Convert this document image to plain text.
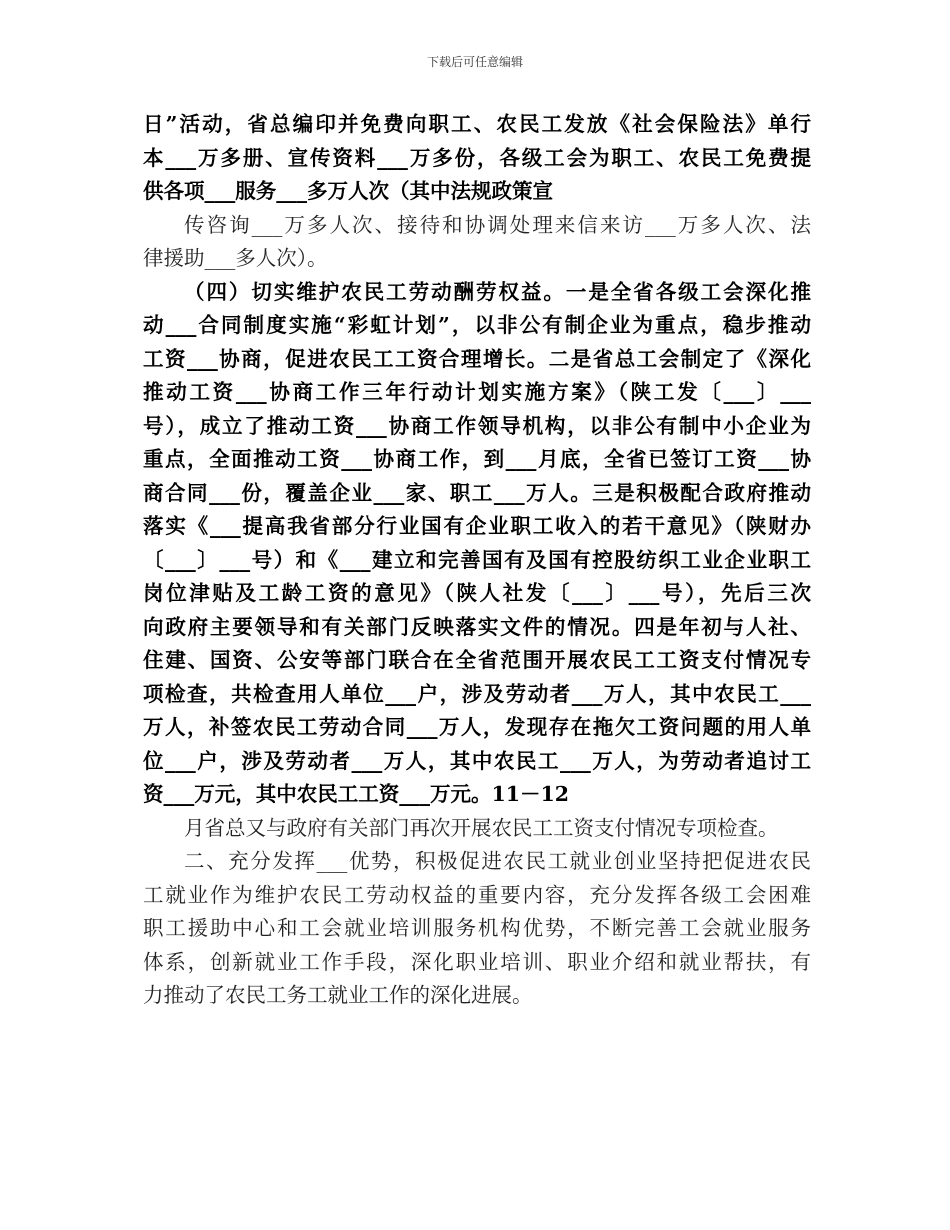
下载后可任意编辑

日”活动，省总编印并免费向职工、农民工发放《社会保险法》单行

本___万多册、宣传资料___万多份，各级工会为职工、农民工免费提

供各项___服务___多万人次（其中法规政策宣

传咨询___万多人次、接待和协调处理来信来访___万多人次、法

律援助___多人次）。

（四）切实维护农民工劳动酬劳权益。一是全省各级工会深化推

动___合同制度实施“彩虹计划”，以非公有制企业为重点，稳步推动

工资___协商，促进农民工工资合理增长。二是省总工会制定了《深化

推动工资___协商工作三年行动计划实施方案》（陕工发〔___〕___

号），成立了推动工资___协商工作领导机构，以非公有制中小企业为

重点，全面推动工资___协商工作，到___月底，全省已签订工资___协

商合同___份，覆盖企业___家、职工___万人。三是积极配合政府推动

落实《___提高我省部分行业国有企业职工收入的若干意见》（陕财办

〔___〕___号）和《___建立和完善国有及国有控股纺织工业企业职工

岗位津贴及工龄工资的意见》（陕人社发〔___〕___号），先后三次

向政府主要领导和有关部门反映落实文件的情况。四是年初与人社、

住建、国资、公安等部门联合在全省范围开展农民工工资支付情况专

项检查，共检查用人单位___户，涉及劳动者___万人，其中农民工___

万人，补签农民工劳动合同___万人，发现存在拖欠工资问题的用人单

位___户，涉及劳动者___万人，其中农民工___万人，为劳动者追讨工

资___万元，其中农民工工资___万元。11－12

月省总又与政府有关部门再次开展农民工工资支付情况专项检查。

二、充分发挥___优势，积极促进农民工就业创业坚持把促进农民

工就业作为维护农民工劳动权益的重要内容，充分发挥各级工会困难

职工援助中心和工会就业培训服务机构优势，不断完善工会就业服务

体系，创新就业工作手段，深化职业培训、职业介绍和就业帮扶，有

力推动了农民工务工就业工作的深化进展。
